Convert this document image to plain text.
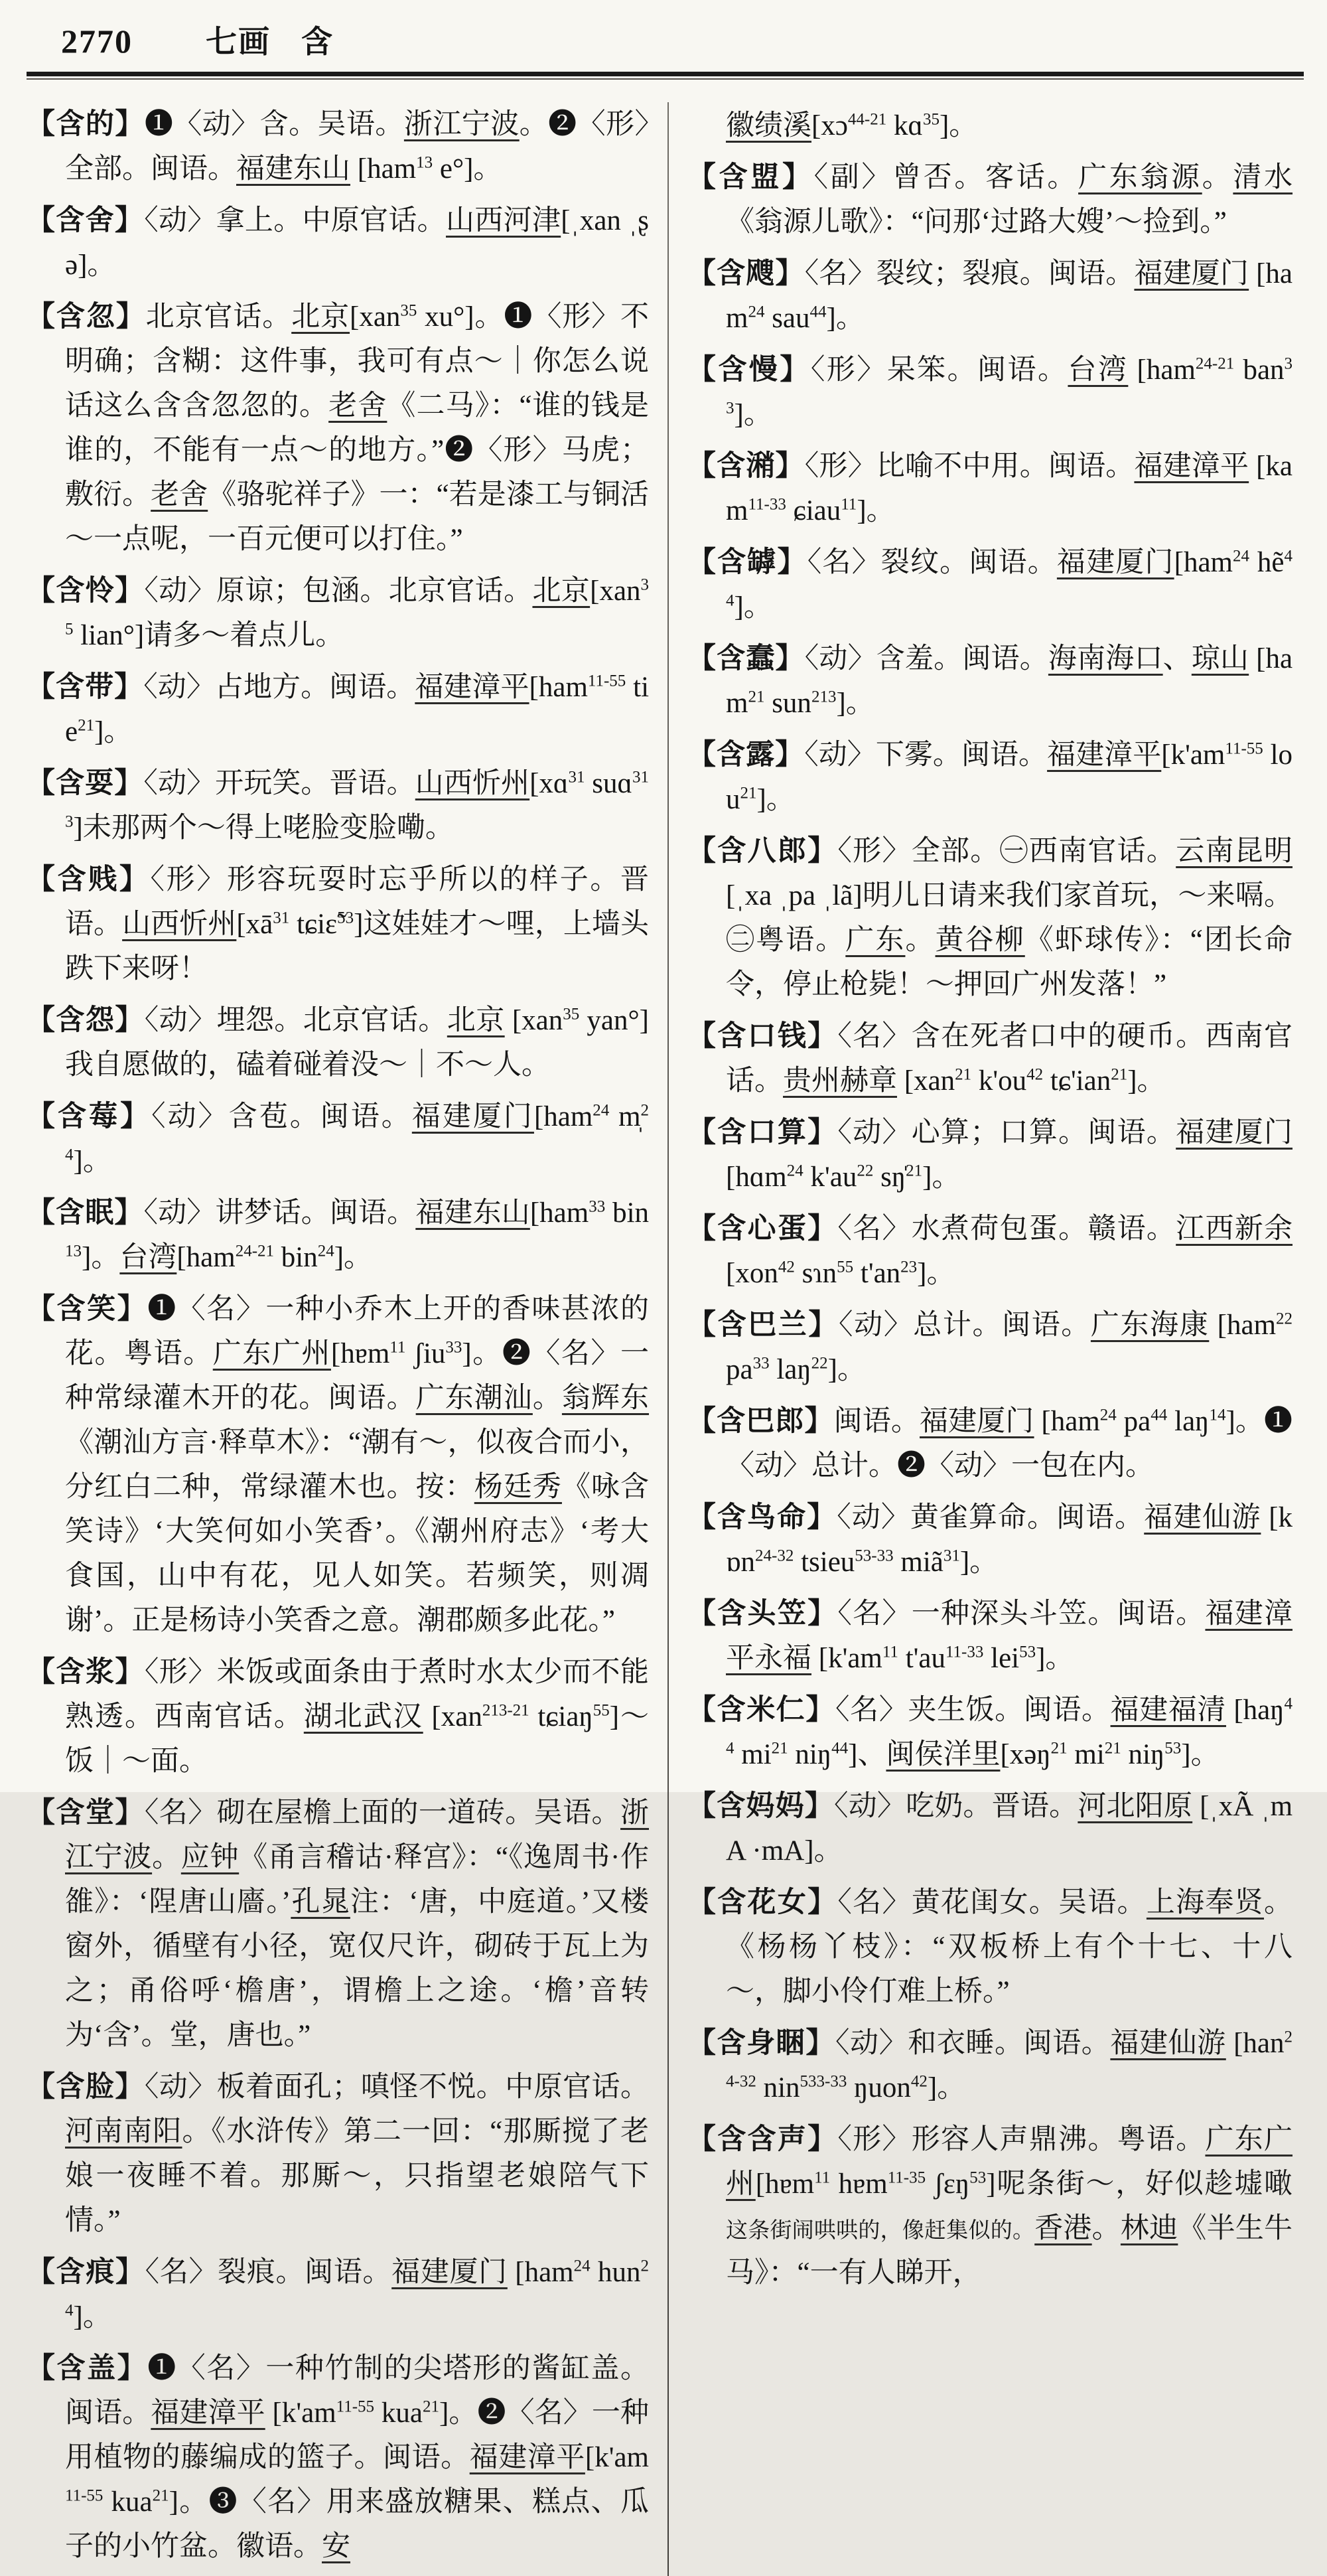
2770 七画 含

【含的】❶〈动〉含。吴语。浙江宁波。❷〈形〉全部。闽语。福建东山 [ham$^{13}$ e°]。

【含舍】〈动〉拿上。中原官话。山西河津[ˌxan ˌʂə]。

【含忽】北京官话。北京[xan$^{35}$ xu°]。❶〈形〉不明确；含糊：这件事，我可有点～｜你怎么说话这么含含忽忽的。老舍《二马》：“谁的钱是谁的，不能有一点～的地方。”❷〈形〉马虎；敷衍。老舍《骆驼祥子》一：“若是漆工与铜活～一点呢，一百元便可以打住。”

【含怜】〈动〉原谅；包涵。北京官话。北京[xan$^{35}$ lian°]请多～着点儿。

【含带】〈动〉占地方。闽语。福建漳平[ham$^{11-55}$ tie$^{21}$]。

【含耍】〈动〉开玩笑。晋语。山西忻州[xɑ$^{31}$ suɑ$^{313}$]未那两个～得上咾脸变脸嘞。

【含贱】〈形〉形容玩耍时忘乎所以的样子。晋语。山西忻州[$xā^{31}$ tɕiɛ̃$^{53}$]这娃娃才～哩，上墙头跌下来呀！

【含怨】〈动〉埋怨。北京官话。北京 [xan$^{35}$ yan°]我自愿做的，磕着碰着没～｜不～人。

【含莓】〈动〉含苞。闽语。福建厦门[ham$^{24}$ m̩$^{24}$]。

【含眠】〈动〉讲梦话。闽语。福建东山[ham$^{33}$ bin$^{13}$]。台湾[ham$^{24-21}$ bin$^{24}$]。

【含笑】❶〈名〉一种小乔木上开的香味甚浓的花。粤语。广东广州[hɐm$^{11}$ ʃiu$^{33}$]。❷〈名〉一种常绿灌木开的花。闽语。广东潮汕。翁辉东《潮汕方言·释草木》：“潮有～，似夜合而小，分红白二种，常绿灌木也。按：杨廷秀《咏含笑诗》‘大笑何如小笑香’。《潮州府志》‘考大食国，山中有花，见人如笑。若频笑，则凋谢’。正是杨诗小笑香之意。潮郡颇多此花。”

【含浆】〈形〉米饭或面条由于煮时水太少而不能熟透。西南官话。湖北武汉 [xan$^{213-21}$ tɕiaŋ$^{55}$]～饭｜～面。

【含堂】〈名〉砌在屋檐上面的一道砖。吴语。浙江宁波。应钟《甬言稽诂·释宫》：“《逸周书·作雒》：‘陧唐山廧。’孔晁注：‘唐，中庭道。’又楼窗外，循壁有小径，宽仅尺许，砌砖于瓦上为之；甬俗呼‘檐唐’，谓檐上之途。‘檐’音转为‘含’。堂，唐也。”

【含脸】〈动〉板着面孔；嗔怪不悦。中原官话。河南南阳。《水浒传》第二一回：“那厮搅了老娘一夜睡不着。那厮～，只指望老娘陪气下情。”

【含痕】〈名〉裂痕。闽语。福建厦门 [ham$^{24}$ hun$^{24}$]。

【含盖】❶〈名〉一种竹制的尖塔形的酱缸盖。闽语。福建漳平 [$k'am^{11-55}$ kua$^{21}$]。❷〈名〉一种用植物的藤编成的篮子。闽语。福建漳平[$k'am^{11-55}$ kua$^{21}$]。❸〈名〉用来盛放糖果、糕点、瓜子的小竹盆。徽语。安

徽绩溪[xɔ$^{44-21}$ kɑ$^{35}$]。

【含盟】〈副〉曾否。客话。广东翁源。清水《翁源儿歌》：“问那‘过路大嫂’～捡到。”

【含飕】〈名〉裂纹；裂痕。闽语。福建厦门 [ham$^{24}$ sau$^{44}$]。

【含慢】〈形〉呆笨。闽语。台湾 [ham$^{24-21}$ ban$^{33}$]。

【含潲】〈形〉比喻不中用。闽语。福建漳平 [kam$^{11-33}$ ɕiau$^{11}$]。

【含罅】〈名〉裂纹。闽语。福建厦门[ham$^{24}$ hẽ$^{44}$]。

【含蠢】〈动〉含羞。闽语。海南海口、琼山 [ham$^{21}$ sun$^{213}$]。

【含露】〈动〉下雾。闽语。福建漳平[$k'am^{11-55}$ lou$^{21}$]。

【含八郎】〈形〉全部。㊀西南官话。云南昆明[ˌxa ˌpa ˌlã]明儿日请来我们家首玩，～来嗝。㊁粤语。广东。黄谷柳《虾球传》：“团长命令，停止枪毙！～押回广州发落！”

【含口钱】〈名〉含在死者口中的硬币。西南官话。贵州赫章 [xan$^{21}$ $k'ou^{42}$ tɕ'ian$^{21}$]。

【含口算】〈动〉心算；口算。闽语。福建厦门[hɑm$^{24}$ $k'au^{22}$ sŋ̍$^{21}$]。

【含心蛋】〈名〉水煮荷包蛋。赣语。江西新余 [xon$^{42}$ sɿn$^{55}$ $t'an^{23}$]。

【含巴兰】〈动〉总计。闽语。广东海康 [ham$^{22}$ $pa^{33}$ laŋ$^{22}$]。

【含巴郎】闽语。福建厦门 [ham$^{24}$ $pa^{44}$ laŋ$^{14}$]。❶〈动〉总计。❷〈动〉一包在内。

【含鸟命】〈动〉黄雀算命。闽语。福建仙游 [kɒn$^{24-32}$ tsieu$^{53-33}$ miã$^{31}$]。

【含头笠】〈名〉一种深头斗笠。闽语。福建漳平永福 [$k'am^{11}$ $t'au^{11-33}$ lei$^{53}$]。

【含米仁】〈名〉夹生饭。闽语。福建福清 [haŋ$^{44}$ $mi^{21}$ niŋ$^{44}$]、闽侯洋里[xəŋ$^{21}$ $mi^{21}$ niŋ$^{53}$]。

【含妈妈】〈动〉吃奶。晋语。河北阳原 [ˌxÃ ˌmA ·mA]。

【含花女】〈名〉黄花闺女。吴语。上海奉贤。《杨杨丫枝》：“双板桥上有个十七、十八～，脚小伶仃难上桥。”

【含身睏】〈动〉和衣睡。闽语。福建仙游 [han$^{24-32}$ nin$^{533-33}$ ŋuon$^{42}$]。

【含含声】〈形〉形容人声鼎沸。粤语。广东广州[hɐm$^{11}$ hɐm$^{11-35}$ ʃɛŋ$^{53}$]呢条街～，好似趁墟噉这条街闹哄哄的，像赶集似的。香港。林迪《半生牛马》：“一有人睇开，
